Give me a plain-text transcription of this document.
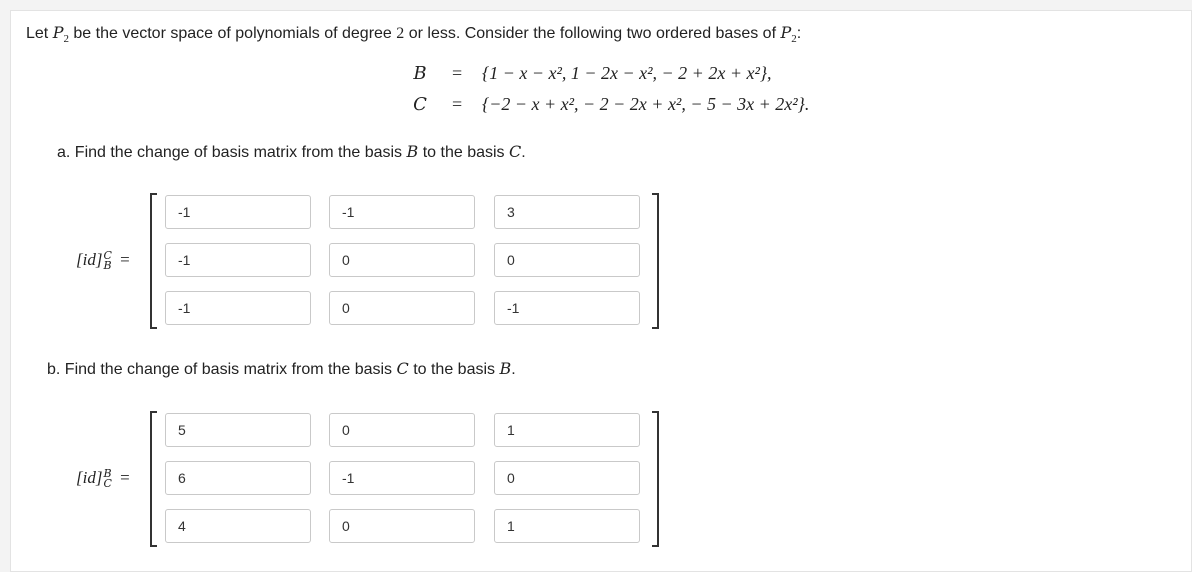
Let $P_2$ be the vector space of polynomials of degree 2 or less. Consider the following two ordered bases of $P_2$:
B = {1 − x − x², 1 − 2x − x², − 2 + 2x + x²},
C = {−2 − x + x², − 2 − 2x + x², − 5 − 3x + 2x²}.
a. Find the change of basis matrix from the basis B to the basis C.
[id] C
B =
-1
-1
3
-1
0
0
-1
0
-1
b. Find the change of basis matrix from the basis C to the basis B.
[id] B
C =
5
0
1
6
-1
0
4
0
1
